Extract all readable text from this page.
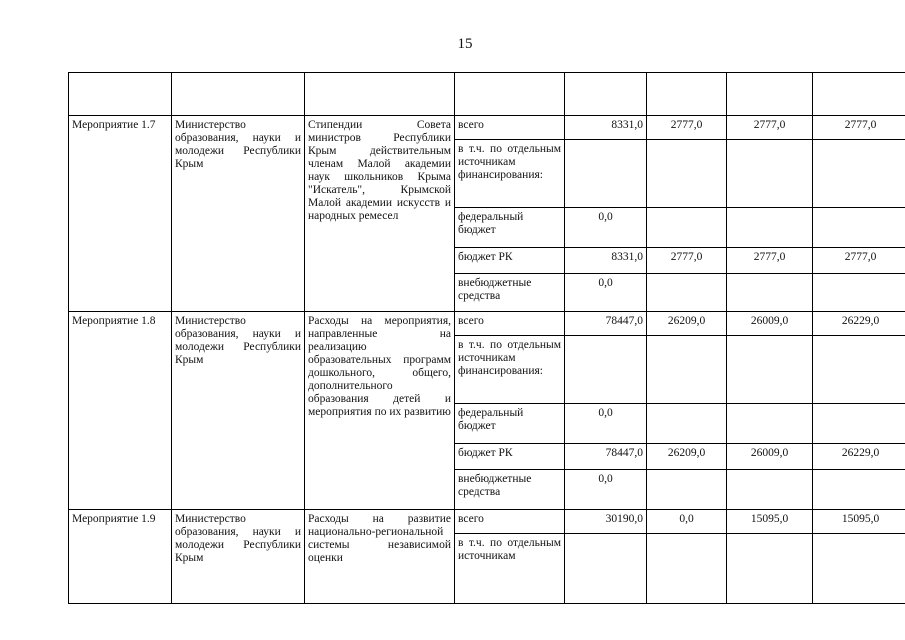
15

Мероприятие 1.7	Министерство образования, науки и молодежи Республики Крым	Стипендии Совета министров Республики Крым действительным членам Малой академии наук школьников Крыма "Искатель", Крымской Малой академии искусств и народных ремесел	всего	8331,0	2777,0	2777,0	2777,0
			в т.ч. по отдельным источникам финансирования:				
			федеральный бюджет	0,0			
			бюджет РК	8331,0	2777,0	2777,0	2777,0
			внебюджетные средства	0,0			
Мероприятие 1.8	Министерство образования, науки и молодежи Республики Крым	Расходы на мероприятия, направленные на реализацию образовательных программ дошкольного, общего, дополнительного образования детей и мероприятия по их развитию	всего	78447,0	26209,0	26009,0	26229,0
			в т.ч. по отдельным источникам финансирования:				
			федеральный бюджет	0,0			
			бюджет РК	78447,0	26209,0	26009,0	26229,0
			внебюджетные средства	0,0			
Мероприятие 1.9	Министерство образования, науки и молодежи Республики Крым	Расходы на развитие национально-региональной системы независимой оценки	всего	30190,0	0,0	15095,0	15095,0
			в т.ч. по отдельным источникам				
